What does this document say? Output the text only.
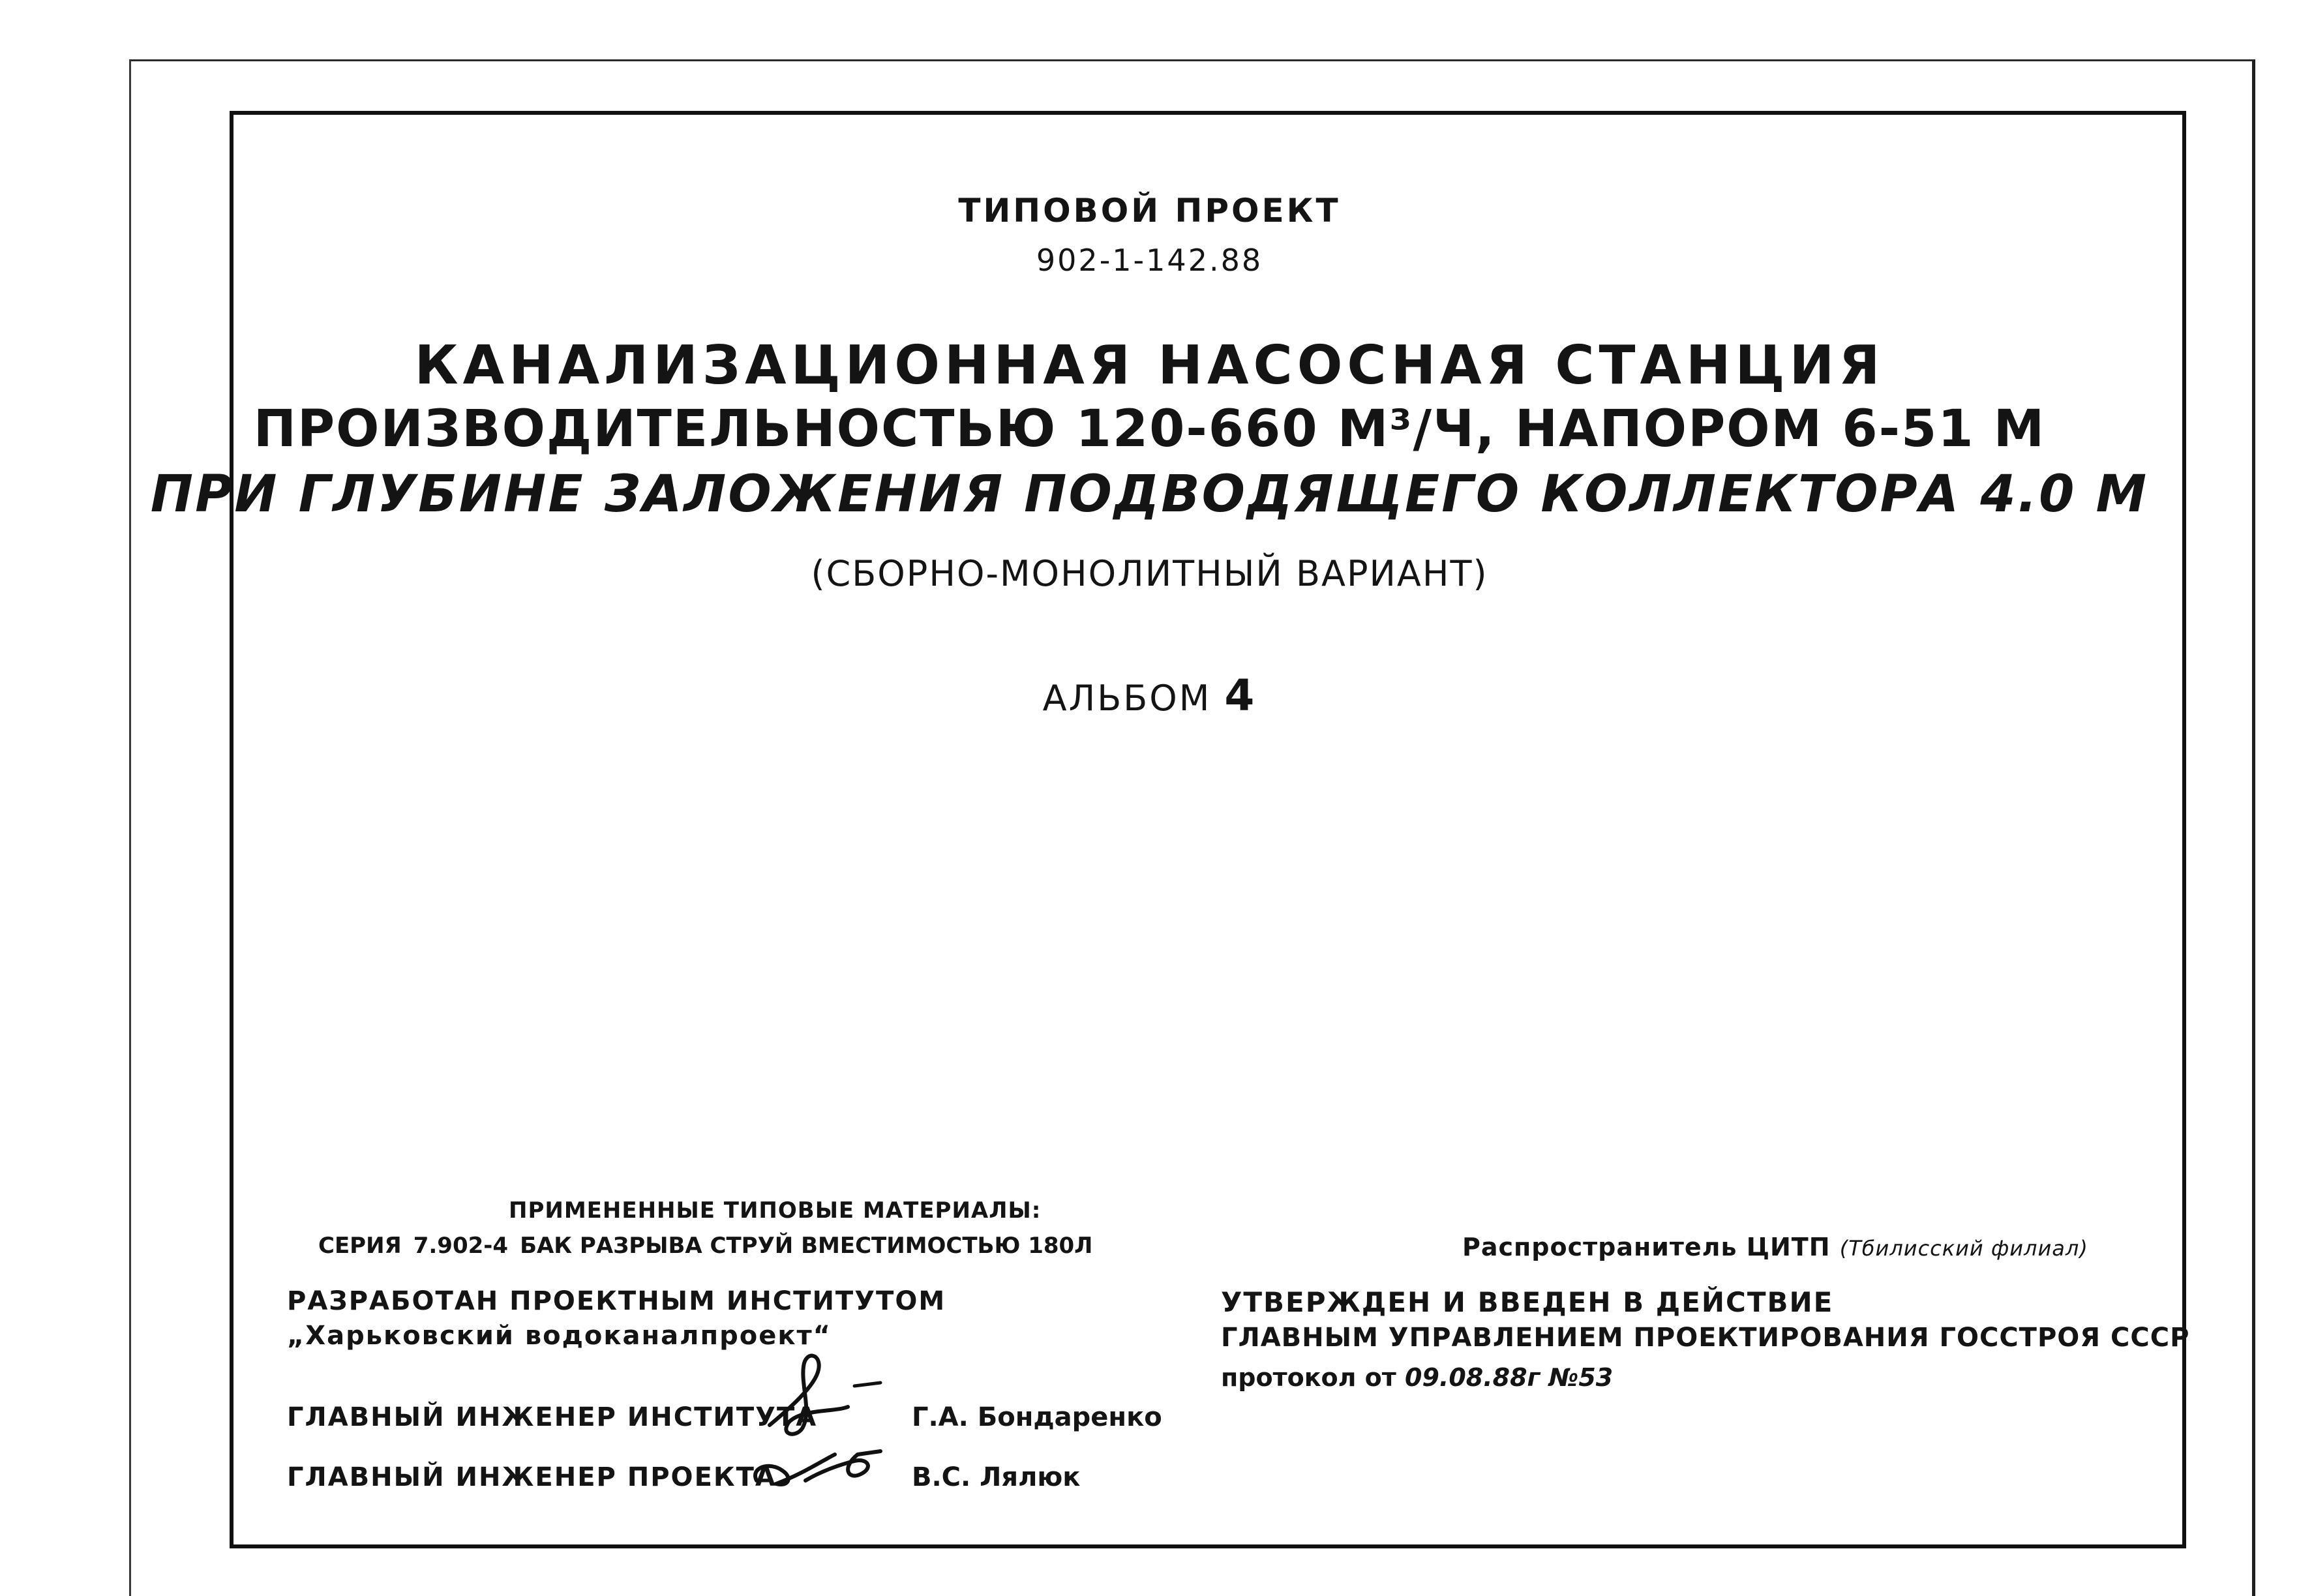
ТИПОВОЙ ПРОЕКТ
902-1-142.88
КАНАЛИЗАЦИОННАЯ НАСОСНАЯ СТАНЦИЯ
ПРОИЗВОДИТЕЛЬНОСТЬЮ 120-660 М³/Ч, НАПОРОМ 6-51 М
ПРИ ГЛУБИНЕ ЗАЛОЖЕНИЯ ПОДВОДЯЩЕГО КОЛЛЕКТОРА 4.0 М
(СБОРНО-МОНОЛИТНЫЙ ВАРИАНТ)
АЛЬБОМ 4
ПРИМЕНЕННЫЕ ТИПОВЫЕ МАТЕРИАЛЫ:
СЕРИЯ 7.902-4 БАК РАЗРЫВА СТРУЙ ВМЕСТИМОСТЬЮ 180Л
РАЗРАБОТАН ПРОЕКТНЫМ ИНСТИТУТОМ
„Харьковский водоканалпроект“
ГЛАВНЫЙ ИНЖЕНЕР ИНСТИТУТА	Г.А. Бондаренко
ГЛАВНЫЙ ИНЖЕНЕР ПРОЕКТА	В.С. Лялюк
Распространитель ЦИТП (Тбилисский филиал)
УТВЕРЖДЕН И ВВЕДЕН В ДЕЙСТВИЕ
ГЛАВНЫМ УПРАВЛЕНИЕМ ПРОЕКТИРОВАНИЯ ГОССТРОЯ СССР
протокол от 09.08.88г №53
